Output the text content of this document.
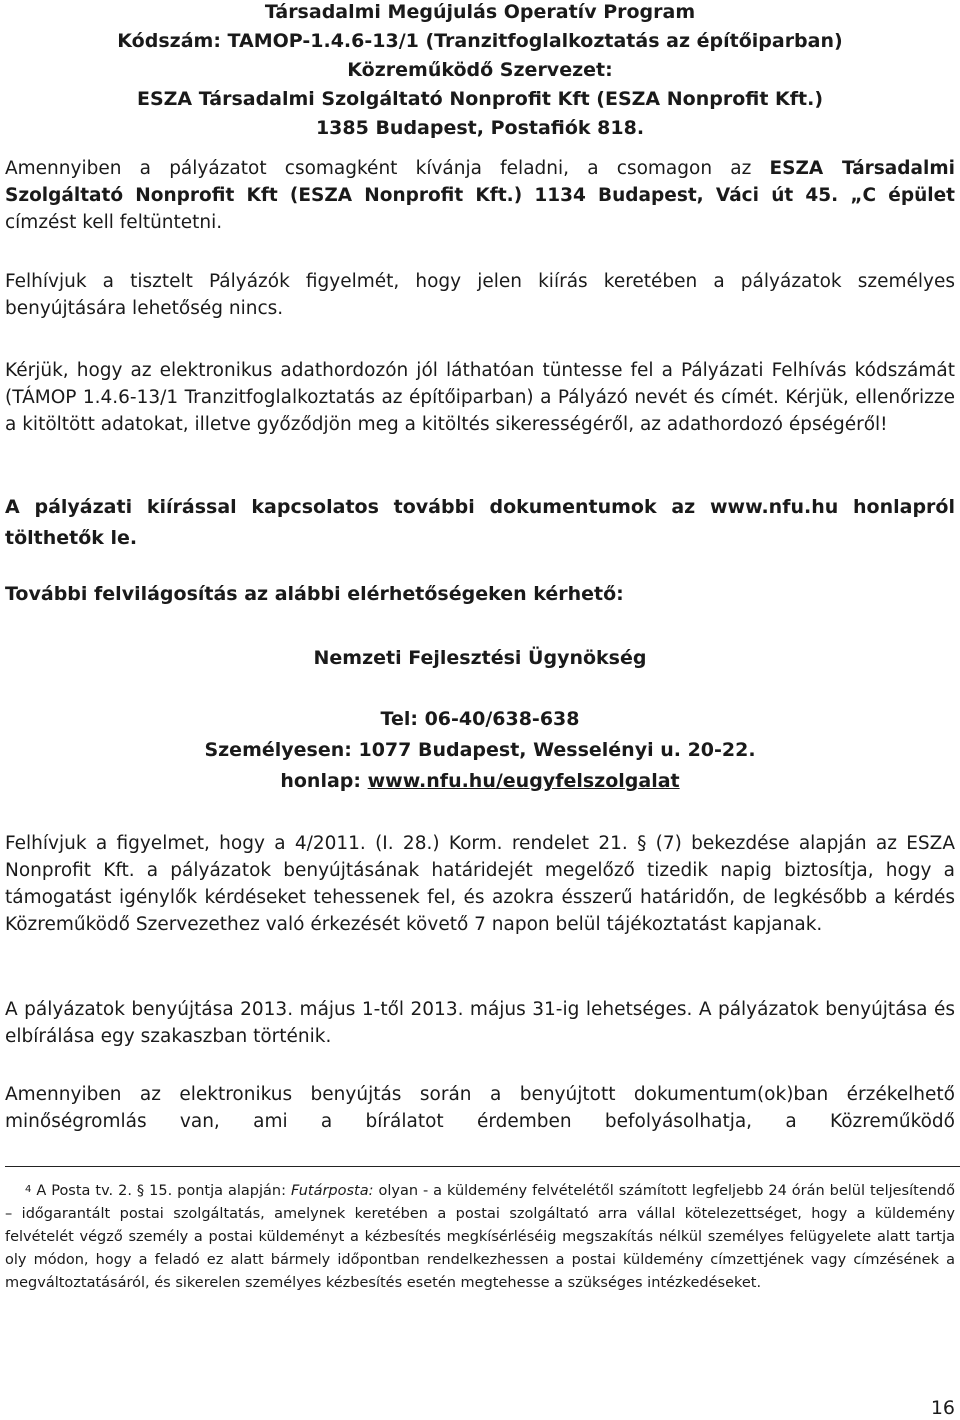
Társadalmi Megújulás Operatív Program
Kódszám: TAMOP-1.4.6-13/1 (Tranzitfoglalkoztatás az építőiparban)
Közreműködő Szervezet:
ESZA Társadalmi Szolgáltató Nonprofit Kft (ESZA Nonprofit Kft.)
1385 Budapest, Postafiók 818.

Amennyiben a pályázatot csomagként kívánja feladni, a csomagon az ESZA Társadalmi Szolgáltató Nonprofit Kft (ESZA Nonprofit Kft.) 1134 Budapest, Váci út 45. „C épület címzést kell feltüntetni.

Felhívjuk a tisztelt Pályázók figyelmét, hogy jelen kiírás keretében a pályázatok személyes benyújtására lehetőség nincs.

Kérjük, hogy az elektronikus adathordozón jól láthatóan tüntesse fel a Pályázati Felhívás kódszámát (TÁMOP 1.4.6-13/1 Tranzitfoglalkoztatás az építőiparban) a Pályázó nevét és címét. Kérjük, ellenőrizze a kitöltött adatokat, illetve győződjön meg a kitöltés sikerességéről, az adathordozó épségéről!

A pályázati kiírással kapcsolatos további dokumentumok az www.nfu.hu honlapról tölthetők le.

További felvilágosítás az alábbi elérhetőségeken kérhető:

Nemzeti Fejlesztési Ügynökség
Tel: 06-40/638-638
Személyesen: 1077 Budapest, Wesselényi u. 20-22.
honlap: www.nfu.hu/eugyfelszolgalat

Felhívjuk a figyelmet, hogy a 4/2011. (I. 28.) Korm. rendelet 21. § (7) bekezdése alapján az ESZA Nonprofit Kft. a pályázatok benyújtásának határidejét megelőző tizedik napig biztosítja, hogy a támogatást igénylők kérdéseket tehessenek fel, és azokra ésszerű határidőn, de legkésőbb a kérdés Közreműködő Szervezethez való érkezését követő 7 napon belül tájékoztatást kapjanak.

A pályázatok benyújtása 2013. május 1-től 2013. május 31-ig lehetséges. A pályázatok benyújtása és elbírálása egy szakaszban történik.

Amennyiben az elektronikus benyújtás során a benyújtott dokumentum(ok)ban érzékelhető minőségromlás van, ami a bírálatot érdemben befolyásolhatja, a Közreműködő

$^4$ A Posta tv. 2. § 15. pontja alapján: Futárposta: olyan - a küldemény felvételétől számított legfeljebb 24 órán belül teljesítendő – időgarantált postai szolgáltatás, amelynek keretében a postai szolgáltató arra vállal kötelezettséget, hogy a küldemény felvételét végző személy a postai küldeményt a kézbesítés megkísérléséig megszakítás nélkül személyes felügyelete alatt tartja oly módon, hogy a feladó ez alatt bármely időpontban rendelkezhessen a postai küldemény címzettjének vagy címzésének a megváltoztatásáról, és sikerelen személyes kézbesítés esetén megtehesse a szükséges intézkedéseket.
16
